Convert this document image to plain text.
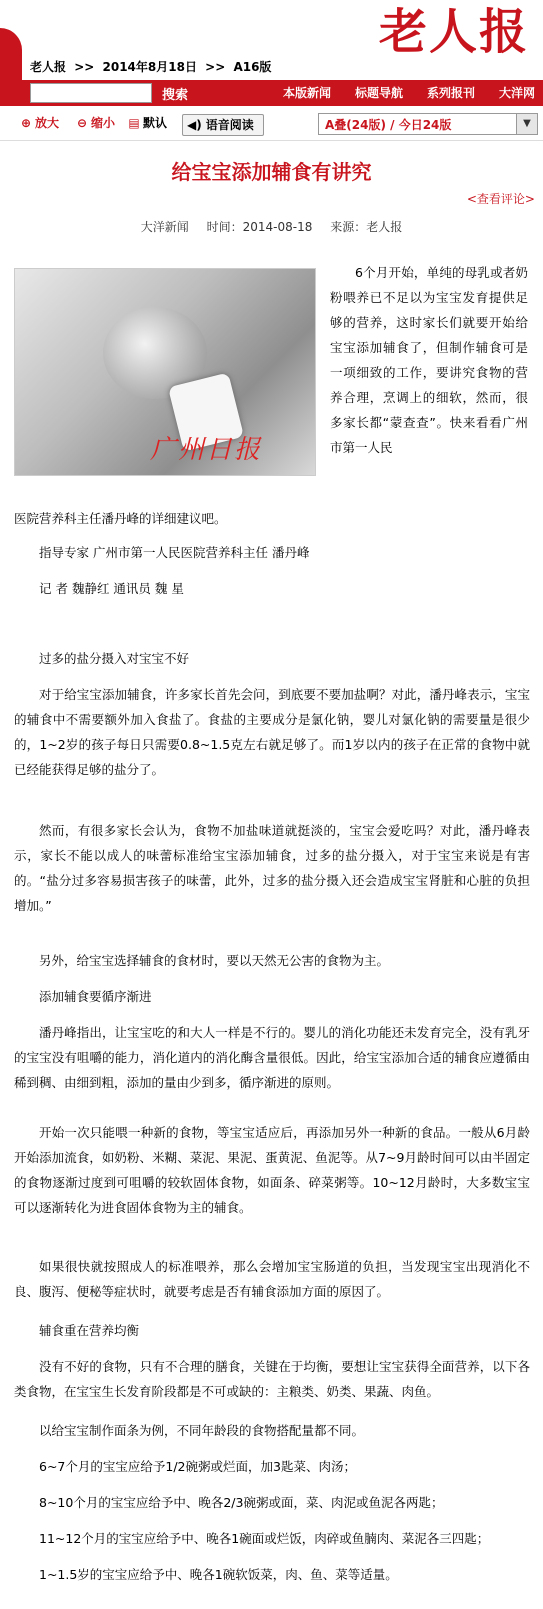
老人报
老人报 >> 2014年8月18日 >> A16版
搜索	本版新闻 标题导航 系列报刊 大洋网
⊕ 放大 ⊖ 缩小 ▤ 默认	◀) 语音阅读	A叠(24版) / 今日24版	▼
给宝宝添加辅食有讲究
<查看评论>
大洋新闻 时间：2014-08-18 来源：老人报
广州日报
6个月开始，单纯的母乳或者奶粉喂养已不足以为宝宝发育提供足够的营养，这时家长们就要开始给宝宝添加辅食了，但制作辅食可是一项细致的工作，要讲究食物的营养合理，烹调上的细软，然而，很多家长都“蒙查查”。快来看看广州市第一人民
医院营养科主任潘丹峰的详细建议吧。
指导专家 广州市第一人民医院营养科主任 潘丹峰
记 者 魏静红 通讯员 魏 星
过多的盐分摄入对宝宝不好
对于给宝宝添加辅食，许多家长首先会问，到底要不要加盐啊？对此，潘丹峰表示，宝宝的辅食中不需要额外加入食盐了。食盐的主要成分是氯化钠，婴儿对氯化钠的需要量是很少的，1~2岁的孩子每日只需要0.8~1.5克左右就足够了。而1岁以内的孩子在正常的食物中就已经能获得足够的盐分了。
然而，有很多家长会认为，食物不加盐味道就挺淡的，宝宝会爱吃吗？对此，潘丹峰表示，家长不能以成人的味蕾标准给宝宝添加辅食，过多的盐分摄入，对于宝宝来说是有害的。“盐分过多容易损害孩子的味蕾，此外，过多的盐分摄入还会造成宝宝肾脏和心脏的负担增加。”
另外，给宝宝选择辅食的食材时，要以天然无公害的食物为主。
添加辅食要循序渐进
潘丹峰指出，让宝宝吃的和大人一样是不行的。婴儿的消化功能还未发育完全，没有乳牙的宝宝没有咀嚼的能力，消化道内的消化酶含量很低。因此，给宝宝添加合适的辅食应遵循由稀到稠、由细到粗，添加的量由少到多，循序渐进的原则。
开始一次只能喂一种新的食物，等宝宝适应后，再添加另外一种新的食品。一般从6月龄开始添加流食，如奶粉、米糊、菜泥、果泥、蛋黄泥、鱼泥等。从7~9月龄时间可以由半固定的食物逐渐过度到可咀嚼的较软固体食物，如面条、碎菜粥等。10~12月龄时，大多数宝宝可以逐渐转化为进食固体食物为主的辅食。
如果很快就按照成人的标准喂养，那么会增加宝宝肠道的负担，当发现宝宝出现消化不良、腹泻、便秘等症状时，就要考虑是否有辅食添加方面的原因了。
辅食重在营养均衡
没有不好的食物，只有不合理的膳食，关键在于均衡，要想让宝宝获得全面营养，以下各类食物，在宝宝生长发育阶段都是不可或缺的：主粮类、奶类、果蔬、肉鱼。
以给宝宝制作面条为例，不同年龄段的食物搭配量都不同。
6~7个月的宝宝应给予1/2碗粥或烂面，加3匙菜、肉汤；
8~10个月的宝宝应给予中、晚各2/3碗粥或面，菜、肉泥或鱼泥各两匙；
11~12个月的宝宝应给予中、晚各1碗面或烂饭，肉碎或鱼腩肉、菜泥各三四匙；
1~1.5岁的宝宝应给予中、晚各1碗软饭菜，肉、鱼、菜等适量。
